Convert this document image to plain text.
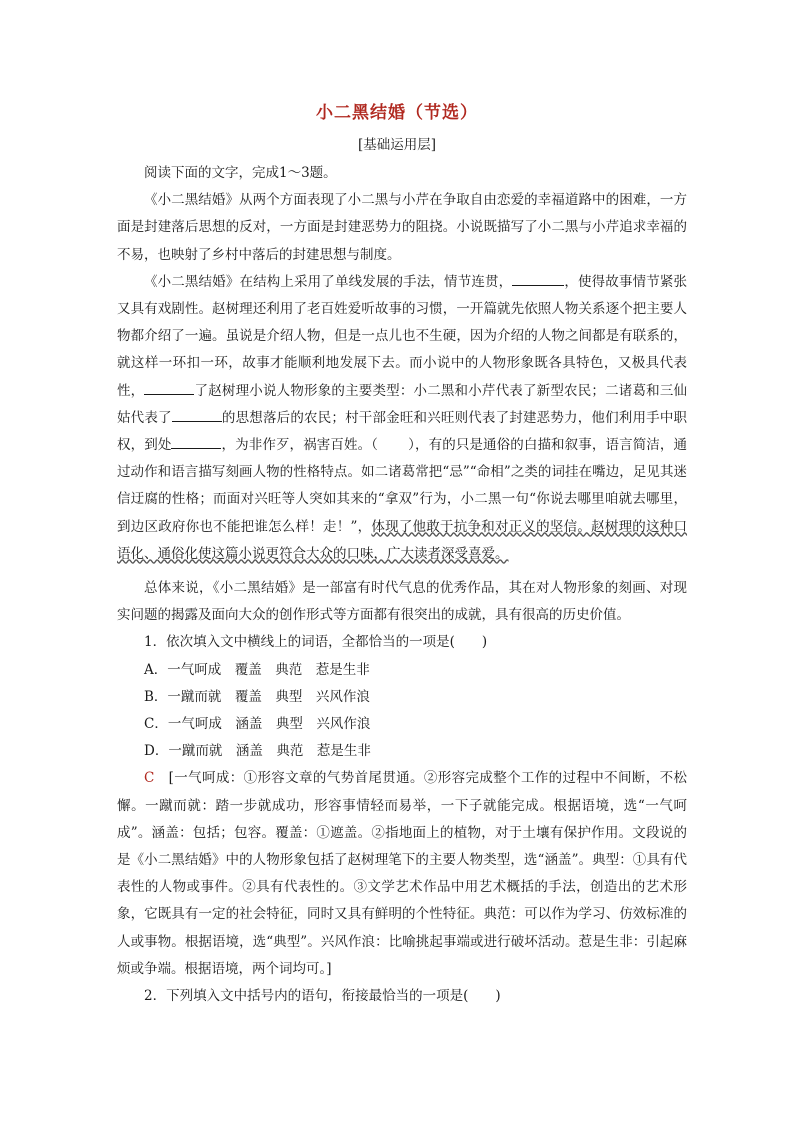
小二黑结婚（节选）
[基础运用层]

阅读下面的文字，完成1～3题。

《小二黑结婚》从两个方面表现了小二黑与小芹在争取自由恋爱的幸福道路中的困难，一方面是封建落后思想的反对，一方面是封建恶势力的阻挠。小说既描写了小二黑与小芹追求幸福的不易，也映射了乡村中落后的封建思想与制度。

《小二黑结婚》在结构上采用了单线发展的手法，情节连贯，	，使得故事情节紧张又具有戏剧性。赵树理还利用了老百姓爱听故事的习惯，一开篇就先依照人物关系逐个把主要人物都介绍了一遍。虽说是介绍人物，但是一点儿也不生硬，因为介绍的人物之间都是有联系的，就这样一环扣一环，故事才能顺利地发展下去。而小说中的人物形象既各具特色，又极具代表性，	了赵树理小说人物形象的主要类型：小二黑和小芹代表了新型农民；二诸葛和三仙姑代表了	的思想落后的农民；村干部金旺和兴旺则代表了封建恶势力，他们利用手中职权，到处	，为非作歹，祸害百姓。（ ），有的只是通俗的白描和叙事，语言简洁，通过动作和语言描写刻画人物的性格特点。如二诸葛常把“忌”“命相”之类的词挂在嘴边，足见其迷信迂腐的性格；而面对兴旺等人突如其来的“拿双”行为，小二黑一句“你说去哪里咱就去哪里，到边区政府你也不能把谁怎么样！走！”，体现了他敢于抗争和对正义的坚信。赵树理的这种口语化、通俗化使这篇小说更符合大众的口味，广大读者深受喜爱。

总体来说，《小二黑结婚》是一部富有时代气息的优秀作品，其在对人物形象的刻画、对现实问题的揭露及面向大众的创作形式等方面都有很突出的成就，具有很高的历史价值。

1．依次填入文中横线上的词语，全都恰当的一项是(　　)

A．一气呵成　覆盖　典范　惹是生非

B．一蹴而就　覆盖　典型　兴风作浪

C．一气呵成　涵盖　典型　兴风作浪

D．一蹴而就　涵盖　典范　惹是生非

C　 [一气呵成：①形容文章的气势首尾贯通。②形容完成整个工作的过程中不间断，不松懈。一蹴而就：踏一步就成功，形容事情轻而易举，一下子就能完成。根据语境，选“一气呵成”。涵盖：包括；包容。覆盖：①遮盖。②指地面上的植物，对于土壤有保护作用。文段说的是《小二黑结婚》中的人物形象包括了赵树理笔下的主要人物类型，选“涵盖”。典型：①具有代表性的人物或事件。②具有代表性的。③文学艺术作品中用艺术概括的手法，创造出的艺术形象，它既具有一定的社会特征，同时又具有鲜明的个性特征。典范：可以作为学习、仿效标准的人或事物。根据语境，选“典型”。兴风作浪：比喻挑起事端或进行破坏活动。惹是生非：引起麻烦或争端。根据语境，两个词均可。]

2．下列填入文中括号内的语句，衔接最恰当的一项是(　　)
